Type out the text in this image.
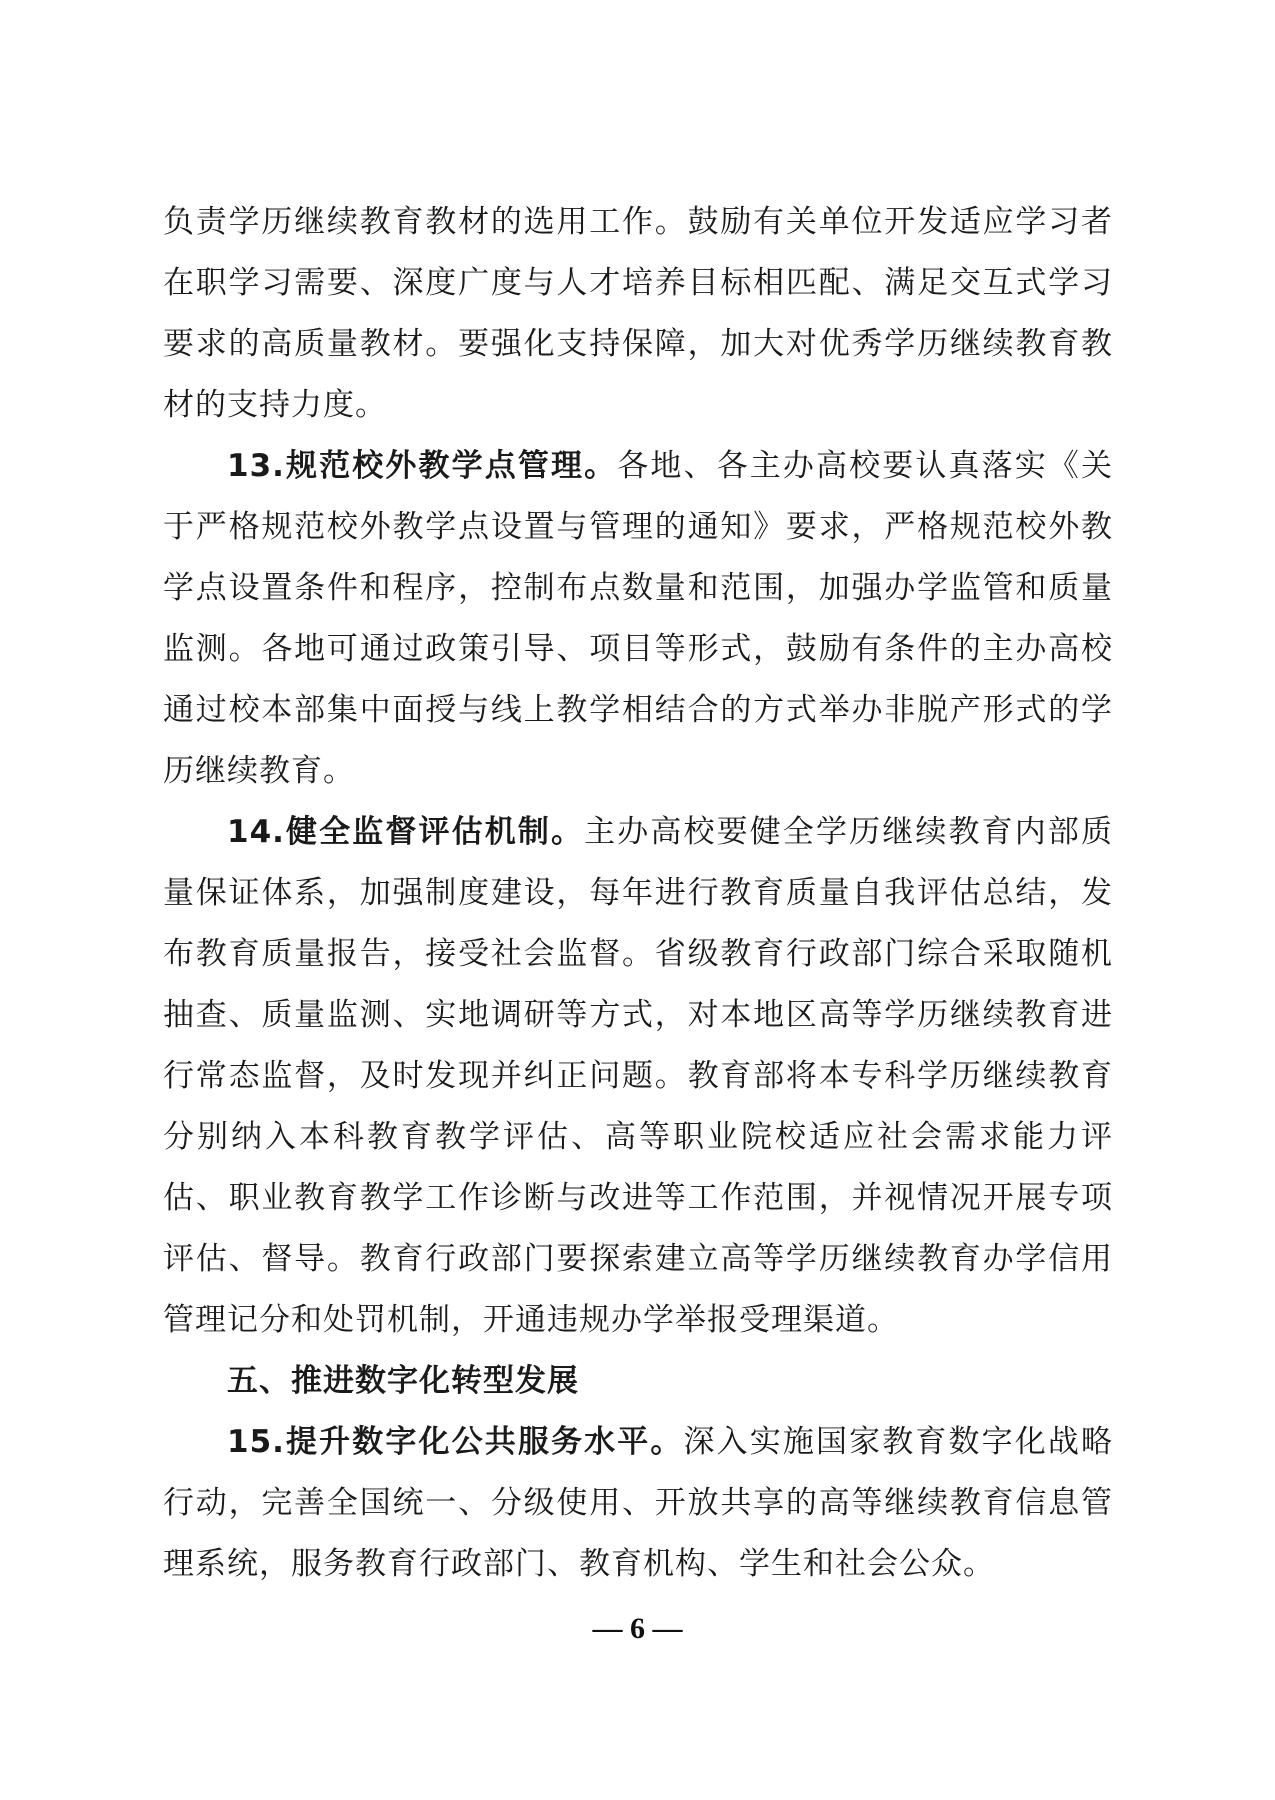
负责学历继续教育教材的选用工作。鼓励有关单位开发适应学习者在职学习需要、深度广度与人才培养目标相匹配、满足交互式学习要求的高质量教材。要强化支持保障，加大对优秀学历继续教育教材的支持力度。

13.规范校外教学点管理。各地、各主办高校要认真落实《关于严格规范校外教学点设置与管理的通知》要求，严格规范校外教学点设置条件和程序，控制布点数量和范围，加强办学监管和质量监测。各地可通过政策引导、项目等形式，鼓励有条件的主办高校通过校本部集中面授与线上教学相结合的方式举办非脱产形式的学历继续教育。

14.健全监督评估机制。主办高校要健全学历继续教育内部质量保证体系，加强制度建设，每年进行教育质量自我评估总结，发布教育质量报告，接受社会监督。省级教育行政部门综合采取随机抽查、质量监测、实地调研等方式，对本地区高等学历继续教育进行常态监督，及时发现并纠正问题。教育部将本专科学历继续教育分别纳入本科教育教学评估、高等职业院校适应社会需求能力评估、职业教育教学工作诊断与改进等工作范围，并视情况开展专项评估、督导。教育行政部门要探索建立高等学历继续教育办学信用管理记分和处罚机制，开通违规办学举报受理渠道。

五、推进数字化转型发展

15.提升数字化公共服务水平。深入实施国家教育数字化战略行动，完善全国统一、分级使用、开放共享的高等继续教育信息管理系统，服务教育行政部门、教育机构、学生和社会公众。

— 6 —
